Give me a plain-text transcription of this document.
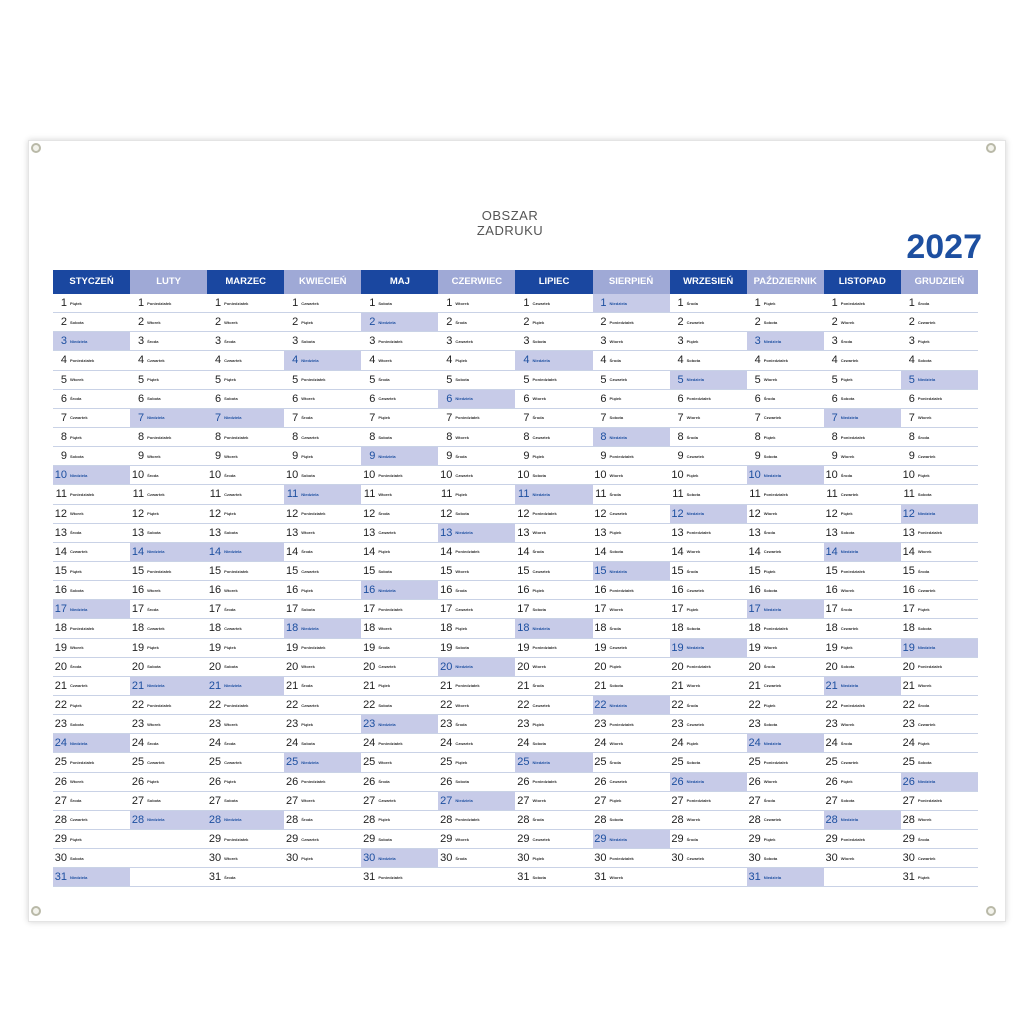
OBSZAR ZADRUKU	2027
STYCZEŃ
1 Piątek
2 Sobota
3 Niedziela
4 Poniedziałek
5 Wtorek
6 Środa
7 Czwartek
8 Piątek
9 Sobota
10 Niedziela
11 Poniedziałek
12 Wtorek
13 Środa
14 Czwartek
15 Piątek
16 Sobota
17 Niedziela
18 Poniedziałek
19 Wtorek
20 Środa
21 Czwartek
22 Piątek
23 Sobota
24 Niedziela
25 Poniedziałek
26 Wtorek
27 Środa
28 Czwartek
29 Piątek
30 Sobota
31 Niedziela
LUTY
1 Poniedziałek
2 Wtorek
3 Środa
4 Czwartek
5 Piątek
6 Sobota
7 Niedziela
8 Poniedziałek
9 Wtorek
10 Środa
11 Czwartek
12 Piątek
13 Sobota
14 Niedziela
15 Poniedziałek
16 Wtorek
17 Środa
18 Czwartek
19 Piątek
20 Sobota
21 Niedziela
22 Poniedziałek
23 Wtorek
24 Środa
25 Czwartek
26 Piątek
27 Sobota
28 Niedziela
MARZEC
1 Poniedziałek
2 Wtorek
3 Środa
4 Czwartek
5 Piątek
6 Sobota
7 Niedziela
8 Poniedziałek
9 Wtorek
10 Środa
11 Czwartek
12 Piątek
13 Sobota
14 Niedziela
15 Poniedziałek
16 Wtorek
17 Środa
18 Czwartek
19 Piątek
20 Sobota
21 Niedziela
22 Poniedziałek
23 Wtorek
24 Środa
25 Czwartek
26 Piątek
27 Sobota
28 Niedziela
29 Poniedziałek
30 Wtorek
31 Środa
KWIECIEŃ
1 Czwartek
2 Piątek
3 Sobota
4 Niedziela
5 Poniedziałek
6 Wtorek
7 Środa
8 Czwartek
9 Piątek
10 Sobota
11 Niedziela
12 Poniedziałek
13 Wtorek
14 Środa
15 Czwartek
16 Piątek
17 Sobota
18 Niedziela
19 Poniedziałek
20 Wtorek
21 Środa
22 Czwartek
23 Piątek
24 Sobota
25 Niedziela
26 Poniedziałek
27 Wtorek
28 Środa
29 Czwartek
30 Piątek
MAJ
1 Sobota
2 Niedziela
3 Poniedziałek
4 Wtorek
5 Środa
6 Czwartek
7 Piątek
8 Sobota
9 Niedziela
10 Poniedziałek
11 Wtorek
12 Środa
13 Czwartek
14 Piątek
15 Sobota
16 Niedziela
17 Poniedziałek
18 Wtorek
19 Środa
20 Czwartek
21 Piątek
22 Sobota
23 Niedziela
24 Poniedziałek
25 Wtorek
26 Środa
27 Czwartek
28 Piątek
29 Sobota
30 Niedziela
31 Poniedziałek
CZERWIEC
1 Wtorek
2 Środa
3 Czwartek
4 Piątek
5 Sobota
6 Niedziela
7 Poniedziałek
8 Wtorek
9 Środa
10 Czwartek
11 Piątek
12 Sobota
13 Niedziela
14 Poniedziałek
15 Wtorek
16 Środa
17 Czwartek
18 Piątek
19 Sobota
20 Niedziela
21 Poniedziałek
22 Wtorek
23 Środa
24 Czwartek
25 Piątek
26 Sobota
27 Niedziela
28 Poniedziałek
29 Wtorek
30 Środa
LIPIEC
1 Czwartek
2 Piątek
3 Sobota
4 Niedziela
5 Poniedziałek
6 Wtorek
7 Środa
8 Czwartek
9 Piątek
10 Sobota
11 Niedziela
12 Poniedziałek
13 Wtorek
14 Środa
15 Czwartek
16 Piątek
17 Sobota
18 Niedziela
19 Poniedziałek
20 Wtorek
21 Środa
22 Czwartek
23 Piątek
24 Sobota
25 Niedziela
26 Poniedziałek
27 Wtorek
28 Środa
29 Czwartek
30 Piątek
31 Sobota
SIERPIEŃ
1 Niedziela
2 Poniedziałek
3 Wtorek
4 Środa
5 Czwartek
6 Piątek
7 Sobota
8 Niedziela
9 Poniedziałek
10 Wtorek
11 Środa
12 Czwartek
13 Piątek
14 Sobota
15 Niedziela
16 Poniedziałek
17 Wtorek
18 Środa
19 Czwartek
20 Piątek
21 Sobota
22 Niedziela
23 Poniedziałek
24 Wtorek
25 Środa
26 Czwartek
27 Piątek
28 Sobota
29 Niedziela
30 Poniedziałek
31 Wtorek
WRZESIEŃ
1 Środa
2 Czwartek
3 Piątek
4 Sobota
5 Niedziela
6 Poniedziałek
7 Wtorek
8 Środa
9 Czwartek
10 Piątek
11 Sobota
12 Niedziela
13 Poniedziałek
14 Wtorek
15 Środa
16 Czwartek
17 Piątek
18 Sobota
19 Niedziela
20 Poniedziałek
21 Wtorek
22 Środa
23 Czwartek
24 Piątek
25 Sobota
26 Niedziela
27 Poniedziałek
28 Wtorek
29 Środa
30 Czwartek
PAŹDZIERNIK
1 Piątek
2 Sobota
3 Niedziela
4 Poniedziałek
5 Wtorek
6 Środa
7 Czwartek
8 Piątek
9 Sobota
10 Niedziela
11 Poniedziałek
12 Wtorek
13 Środa
14 Czwartek
15 Piątek
16 Sobota
17 Niedziela
18 Poniedziałek
19 Wtorek
20 Środa
21 Czwartek
22 Piątek
23 Sobota
24 Niedziela
25 Poniedziałek
26 Wtorek
27 Środa
28 Czwartek
29 Piątek
30 Sobota
31 Niedziela
LISTOPAD
1 Poniedziałek
2 Wtorek
3 Środa
4 Czwartek
5 Piątek
6 Sobota
7 Niedziela
8 Poniedziałek
9 Wtorek
10 Środa
11 Czwartek
12 Piątek
13 Sobota
14 Niedziela
15 Poniedziałek
16 Wtorek
17 Środa
18 Czwartek
19 Piątek
20 Sobota
21 Niedziela
22 Poniedziałek
23 Wtorek
24 Środa
25 Czwartek
26 Piątek
27 Sobota
28 Niedziela
29 Poniedziałek
30 Wtorek
GRUDZIEŃ
1 Środa
2 Czwartek
3 Piątek
4 Sobota
5 Niedziela
6 Poniedziałek
7 Wtorek
8 Środa
9 Czwartek
10 Piątek
11 Sobota
12 Niedziela
13 Poniedziałek
14 Wtorek
15 Środa
16 Czwartek
17 Piątek
18 Sobota
19 Niedziela
20 Poniedziałek
21 Wtorek
22 Środa
23 Czwartek
24 Piątek
25 Sobota
26 Niedziela
27 Poniedziałek
28 Wtorek
29 Środa
30 Czwartek
31 Piątek
